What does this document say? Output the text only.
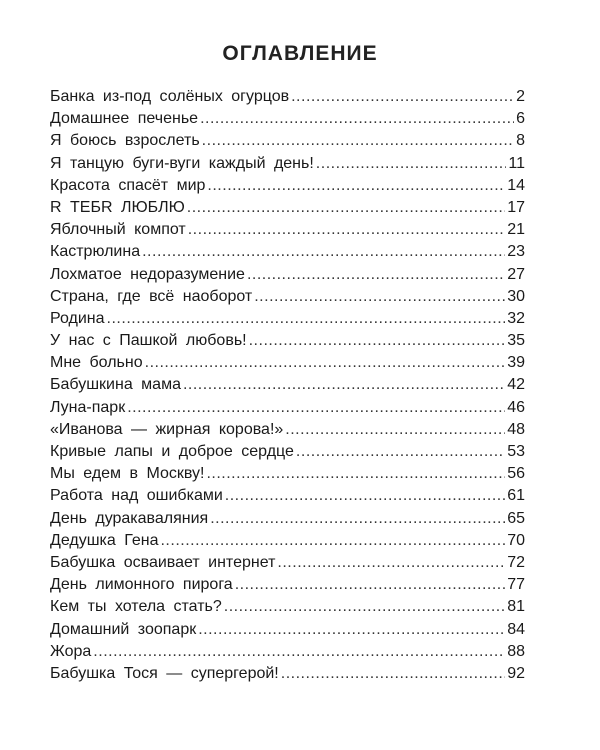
ОГЛАВЛЕНИЕ
Банка из-под солёных огурцов .....	2
Домашнее печенье .....	6
Я боюсь взрослеть .....	8
Я танцую буги-вуги каждый день! .....	11
Красота спасёт мир .....	14
R ТЕБR ЛЮБЛЮ .....	17
Яблочный компот .....	21
Кастрюлина .....	23
Лохматое недоразумение .....	27
Страна, где всё наоборот .....	30
Родина .....	32
У нас с Пашкой любовь! .....	35
Мне больно .....	39
Бабушкина мама .....	42
Луна-парк .....	46
«Иванова — жирная корова!» .....	48
Кривые лапы и доброе сердце .....	53
Мы едем в Москву! .....	56
Работа над ошибками .....	61
День дуракаваляния .....	65
Дедушка Гена .....	70
Бабушка осваивает интернет .....	72
День лимонного пирога .....	77
Кем ты хотела стать? .....	81
Домашний зоопарк .....	84
Жора .....	88
Бабушка Тося — супергерой! .....	92
